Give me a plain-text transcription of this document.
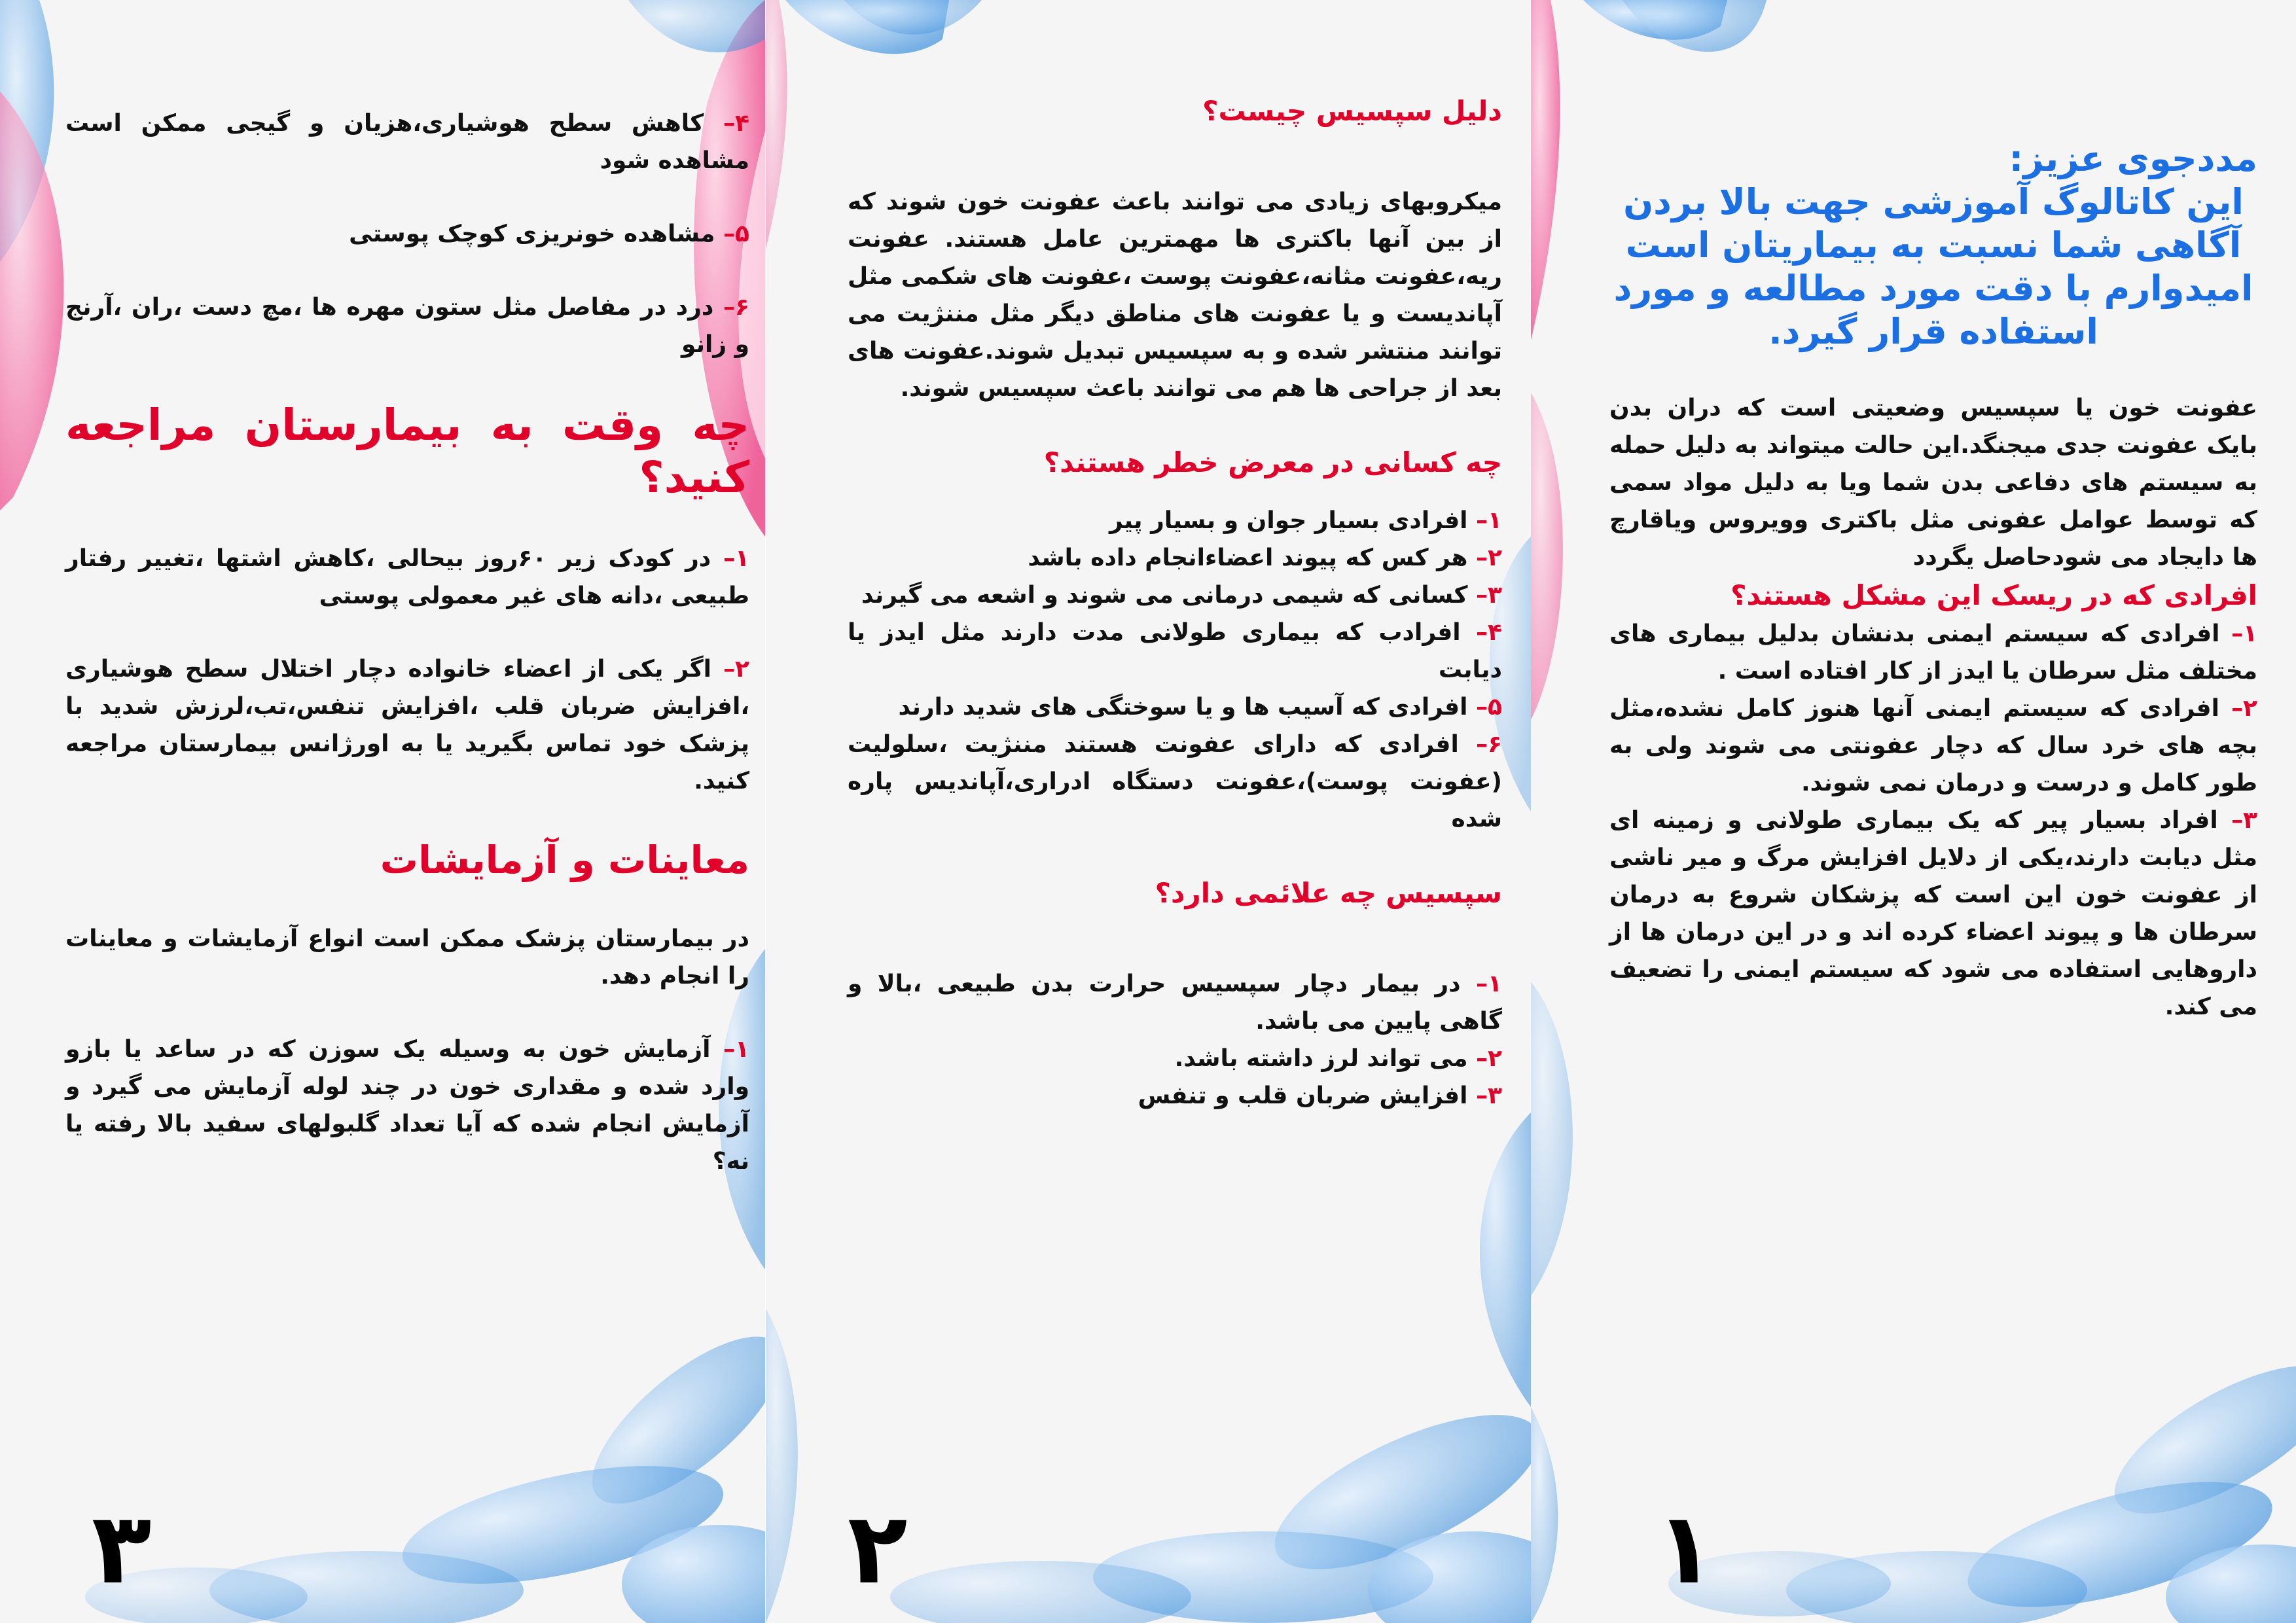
مددجوی عزیز:

این کاتالوگ آموزشی جهت بالا بردن آگاهی شما نسبت به بیماریتان است امیدوارم با دقت مورد مطالعه و مورد استفاده قرار گیرد.

عفونت خون یا سپسیس وضعیتی است که دران بدن بایک عفونت جدی میجنگد.این حالت میتواند به دلیل حمله به سیستم های دفاعی بدن شما ویا به دلیل مواد سمی که توسط عوامل عفونی مثل باکتری وویروس ویاقارچ ها دایجاد می شودحاصل یگردد

افرادی که در ریسک این مشکل هستند؟

۱– افرادی که سیستم ایمنی بدنشان بدلیل بیماری های مختلف مثل سرطان یا ایدز از کار افتاده است .

۲– افرادی که سیستم ایمنی آنها هنوز کامل نشده،مثل بچه های خرد سال که دچار عفونتی می شوند ولی به طور کامل و درست و درمان نمی شوند.

۳– افراد بسیار پیر که یک بیماری طولانی و زمینه ای مثل دیابت دارند،یکی از دلایل افزایش مرگ و میر ناشی از عفونت خون این است که پزشکان شروع به درمان سرطان ها و پیوند اعضاء کرده اند و در این درمان ها از داروهایی استفاده می شود که سیستم ایمنی را تضعیف می کند.

۱

دلیل سپسیس چیست؟

میکروبهای زیادی می توانند باعث عفونت خون شوند که از بین آنها باکتری ها مهمترین عامل هستند. عفونت ریه،عفونت مثانه،عفونت پوست ،عفونت های شکمی مثل آپاندیست و یا عفونت های مناطق دیگر مثل مننژیت می توانند منتشر شده و به سپسیس تبدیل شوند.عفونت های بعد از جراحی ها هم می توانند باعث سپسیس شوند.

چه کسانی در معرض خطر هستند؟

۱– افرادی بسیار جوان و بسیار پیر

۲– هر کس که پیوند اعضاءانجام داده باشد

۳– کسانی که شیمی درمانی می شوند و اشعه می گیرند

۴– افرادب که بیماری طولانی مدت دارند مثل ایدز یا دیابت

۵– افرادی که آسیب ها و یا سوختگی های شدید دارند

۶– افرادی که دارای عفونت هستند مننژیت ،سلولیت (عفونت پوست)،عفونت دستگاه ادراری،آپاندیس پاره شده

سپسیس چه علائمی دارد؟

۱– در بیمار دچار سپسیس حرارت بدن طبیعی ،بالا و گاهی پایین می باشد.

۲– می تواند لرز داشته باشد.

۳– افزایش ضربان قلب و تنفس

۲

۴– کاهش سطح هوشیاری،هزیان و گیجی ممکن است مشاهده شود

۵– مشاهده خونریزی کوچک پوستی

۶– درد در مفاصل مثل ستون مهره ها ،مچ دست ،ران ،آرنج و زانو

چه وقت به بیمارستان مراجعه کنید؟

۱– در کودک زیر ۶۰روز بیحالی ،کاهش اشتها ،تغییر رفتار طبیعی ،دانه های غیر معمولی پوستی

۲– اگر یکی از اعضاء خانواده دچار اختلال سطح هوشیاری ،افزایش ضربان قلب ،افزایش تنفس،تب،لرزش شدید با پزشک خود تماس بگیرید یا به اورژانس بیمارستان مراجعه کنید.

معاینات و آزمایشات

در بیمارستان پزشک ممکن است انواع آزمایشات و معاینات را انجام دهد.

۱– آزمایش خون به وسیله یک سوزن که در ساعد یا بازو وارد شده و مقداری خون در چند لوله آزمایش می گیرد و آزمایش انجام شده که آیا تعداد گلبولهای سفید بالا رفته یا نه؟

۳
